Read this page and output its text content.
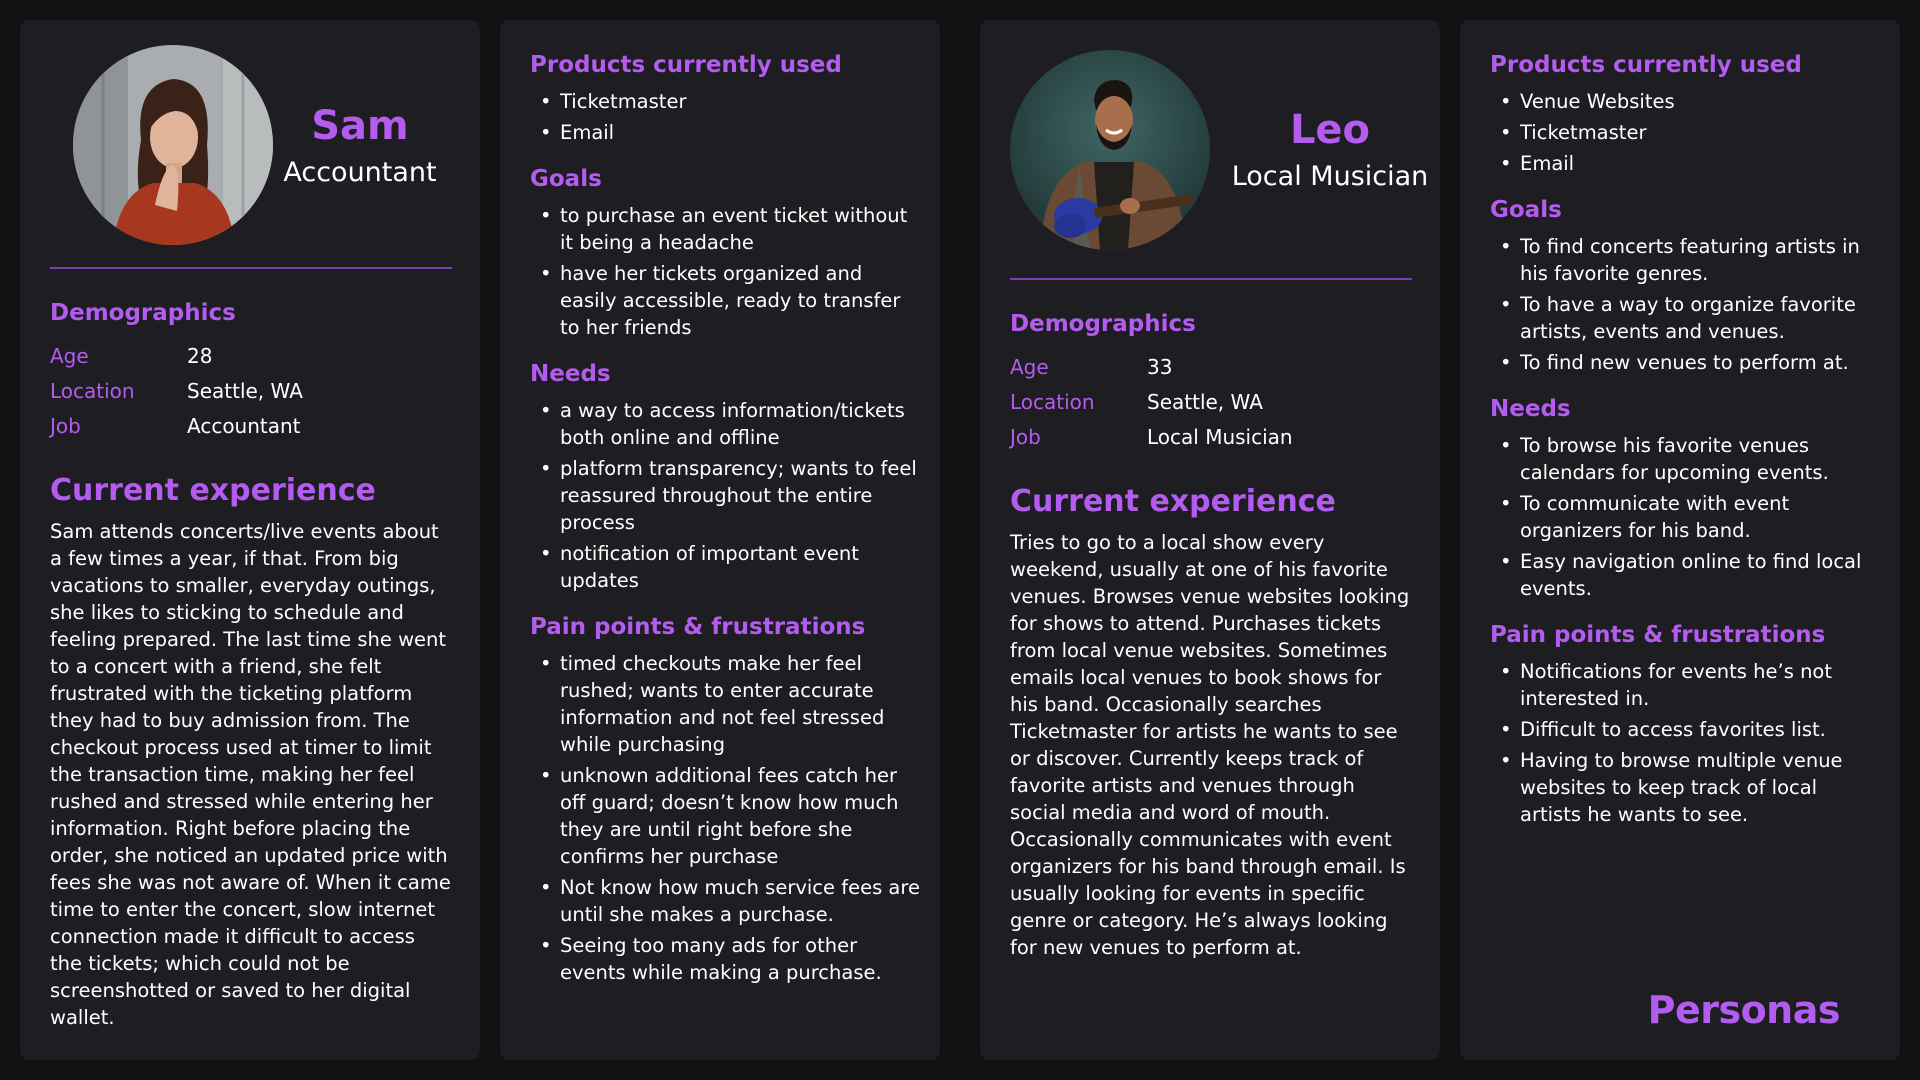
Sam

Accountant

Demographics
Age	28
Location	Seattle, WA
Job	Accountant
Current experience

Sam attends concerts/live events about a few times a year, if that. From big vacations to smaller, everyday outings, she likes to sticking to schedule and feeling prepared. The last time she went to a concert with a friend, she felt frustrated with the ticketing platform they had to buy admission from. The checkout process used at timer to limit the transaction time, making her feel rushed and stressed while entering her information. Right before placing the order, she noticed an updated price with fees she was not aware of. When it came time to enter the concert, slow internet connection made it difficult to access the tickets; which could not be screenshotted or saved to her digital wallet.

Products currently used
• Ticketmaster
• Email
Goals
• to purchase an event ticket without it being a headache
• have her tickets organized and easily accessible, ready to transfer to her friends
Needs
• a way to access information/tickets both online and offline
• platform transparency; wants to feel reassured throughout the entire process
• notification of important event updates
Pain points & frustrations
• timed checkouts make her feel rushed; wants to enter accurate information and not feel stressed while purchasing
• unknown additional fees catch her off guard; doesn’t know how much they are until right before she confirms her purchase
• Not know how much service fees are until she makes a purchase.
• Seeing too many ads for other events while making a purchase.

Leo

Local Musician

Demographics
Age	33
Location	Seattle, WA
Job	Local Musician
Current experience

Tries to go to a local show every weekend, usually at one of his favorite venues. Browses venue websites looking for shows to attend. Purchases tickets from local venue websites. Sometimes emails local venues to book shows for his band. Occasionally searches Ticketmaster for artists he wants to see or discover. Currently keeps track of favorite artists and venues through social media and word of mouth. Occasionally communicates with event organizers for his band through email. Is usually looking for events in specific genre or category. He’s always looking for new venues to perform at.

Products currently used
• Venue Websites
• Ticketmaster
• Email
Goals
• To find concerts featuring artists in his favorite genres.
• To have a way to organize favorite artists, events and venues.
• To find new venues to perform at.
Needs
• To browse his favorite venues calendars for upcoming events.
• To communicate with event organizers for his band.
• Easy navigation online to find local events.
Pain points & frustrations
• Notifications for events he’s not interested in.
• Difficult to access favorites list.
• Having to browse multiple venue websites to keep track of local artists he wants to see.

Personas
